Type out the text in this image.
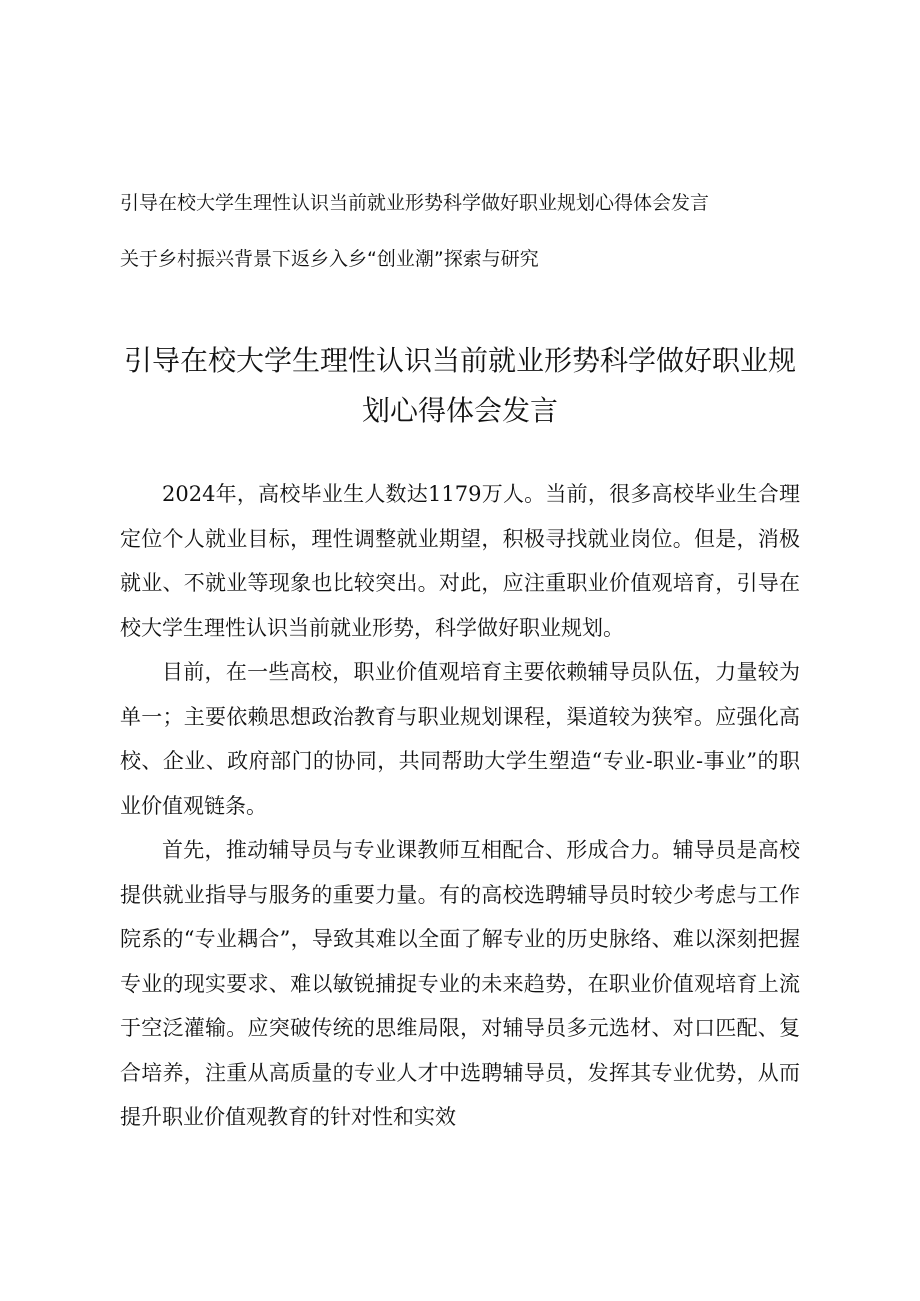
引导在校大学生理性认识当前就业形势科学做好职业规划心得体会发言
关于乡村振兴背景下返乡入乡“创业潮”探索与研究
引导在校大学生理性认识当前就业形势科学做好职业规
划心得体会发言

2024年，高校毕业生人数达1179万人。当前，很多高校毕业生合理定位个人就业目标，理性调整就业期望，积极寻找就业岗位。但是，消极就业、不就业等现象也比较突出。对此，应注重职业价值观培育，引导在校大学生理性认识当前就业形势，科学做好职业规划。

目前，在一些高校，职业价值观培育主要依赖辅导员队伍，力量较为单一；主要依赖思想政治教育与职业规划课程，渠道较为狭窄。应强化高校、企业、政府部门的协同，共同帮助大学生塑造“专业-职业-事业”的职业价值观链条。

首先，推动辅导员与专业课教师互相配合、形成合力。辅导员是高校提供就业指导与服务的重要力量。有的高校选聘辅导员时较少考虑与工作院系的“专业耦合”，导致其难以全面了解专业的历史脉络、难以深刻把握专业的现实要求、难以敏锐捕捉专业的未来趋势，在职业价值观培育上流于空泛灌输。应突破传统的思维局限，对辅导员多元选材、对口匹配、复合培养，注重从高质量的专业人才中选聘辅导员，发挥其专业优势，从而提升职业价值观教育的针对性和实效
